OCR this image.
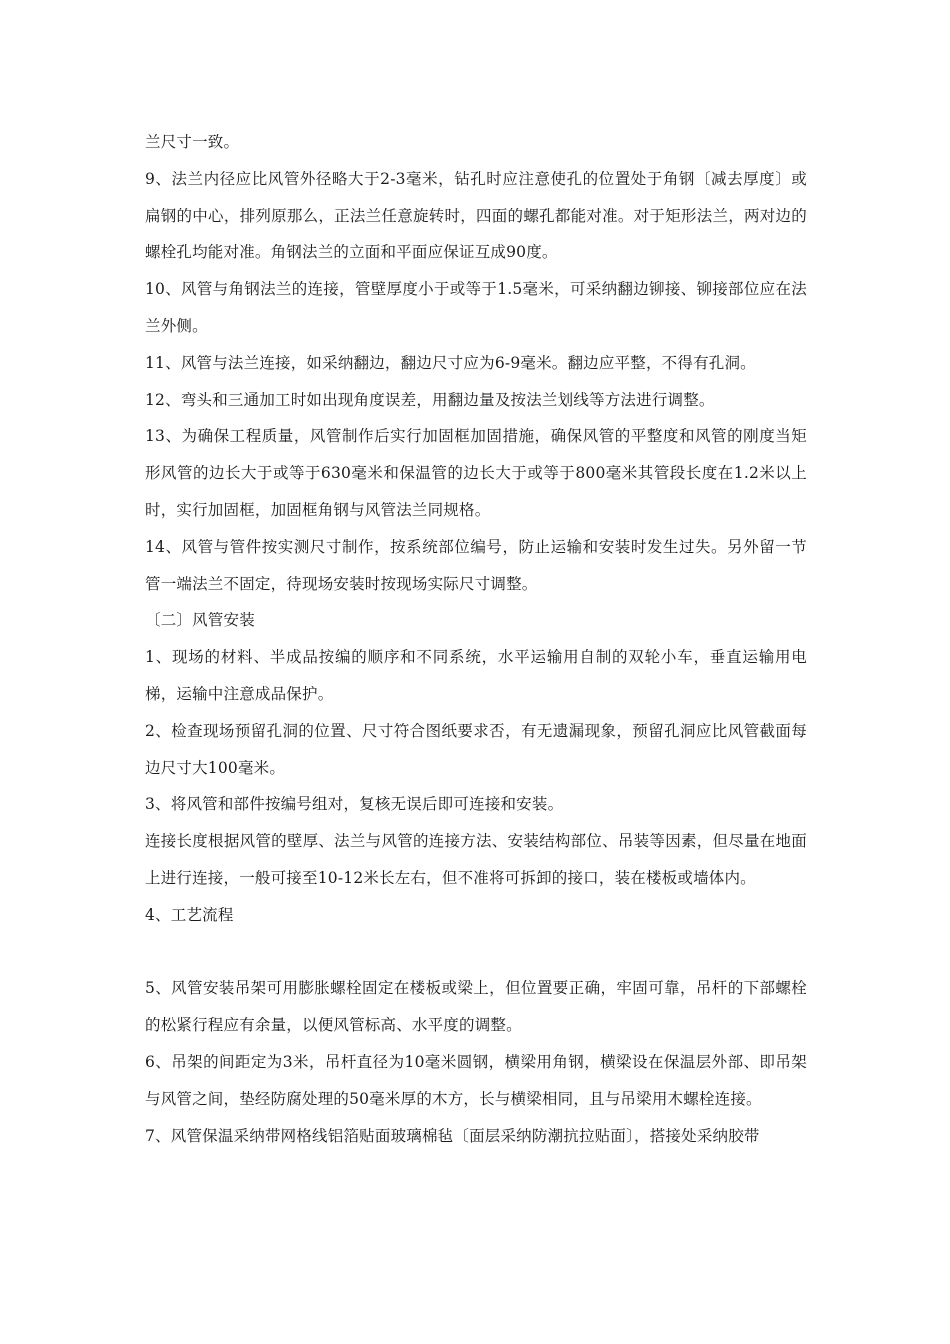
兰尺寸一致。

9、法兰内径应比风管外径略大于2-3毫米，钻孔时应注意使孔的位置处于角钢〔减去厚度〕或扁钢的中心，排列原那么，正法兰任意旋转时，四面的螺孔都能对准。对于矩形法兰，两对边的螺栓孔均能对准。角钢法兰的立面和平面应保证互成90度。

10、风管与角钢法兰的连接，管壁厚度小于或等于1.5毫米，可采纳翻边铆接、铆接部位应在法兰外侧。

11、风管与法兰连接，如采纳翻边，翻边尺寸应为6-9毫米。翻边应平整，不得有孔洞。

12、弯头和三通加工时如出现角度误差，用翻边量及按法兰划线等方法进行调整。

13、为确保工程质量，风管制作后实行加固框加固措施，确保风管的平整度和风管的刚度当矩形风管的边长大于或等于630毫米和保温管的边长大于或等于800毫米其管段长度在1.2米以上时，实行加固框，加固框角钢与风管法兰同规格。

14、风管与管件按实测尺寸制作，按系统部位编号，防止运输和安装时发生过失。另外留一节管一端法兰不固定，待现场安装时按现场实际尺寸调整。

〔二〕风管安装

1、现场的材料、半成品按编的顺序和不同系统，水平运输用自制的双轮小车，垂直运输用电梯，运输中注意成品保护。

2、检查现场预留孔洞的位置、尺寸符合图纸要求否，有无遗漏现象，预留孔洞应比风管截面每边尺寸大100毫米。

3、将风管和部件按编号组对，复核无误后即可连接和安装。

连接长度根据风管的壁厚、法兰与风管的连接方法、安装结构部位、吊装等因素，但尽量在地面上进行连接，一般可接至10-12米长左右，但不准将可拆卸的接口，装在楼板或墙体内。

4、工艺流程

5、风管安装吊架可用膨胀螺栓固定在楼板或梁上，但位置要正确，牢固可靠，吊杆的下部螺栓的松紧行程应有余量，以便风管标高、水平度的调整。

6、吊架的间距定为3米，吊杆直径为10毫米圆钢，横梁用角钢，横梁设在保温层外部、即吊架与风管之间，垫经防腐处理的50毫米厚的木方，长与横梁相同，且与吊梁用木螺栓连接。

7、风管保温采纳带网格线铝箔贴面玻璃棉毡〔面层采纳防潮抗拉贴面〕，搭接处采纳胶带
